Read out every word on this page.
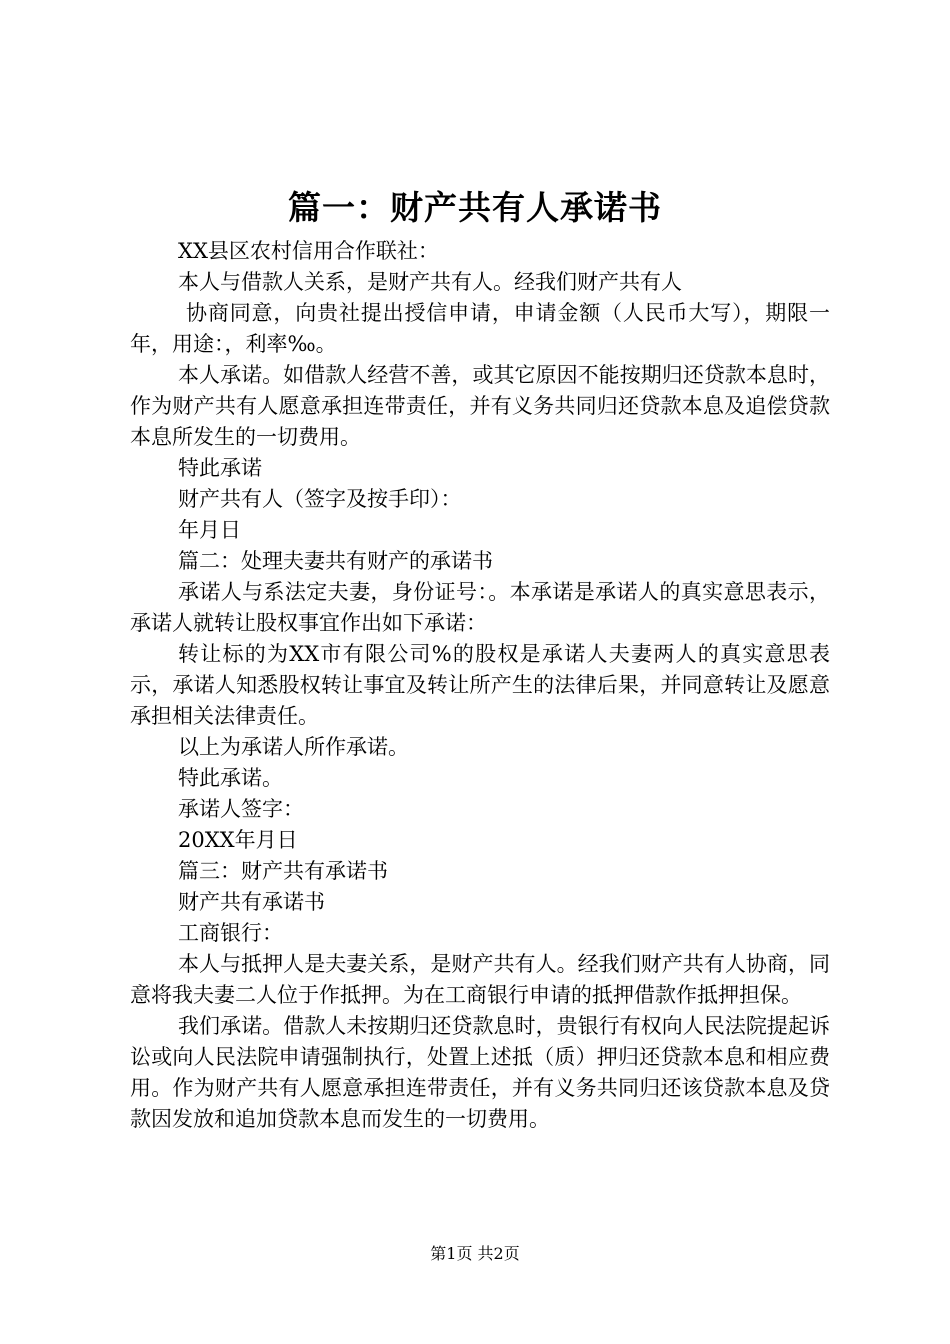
篇一：财产共有人承诺书

XX县区农村信用合作联社：

本人与借款人关系，是财产共有人。经我们财产共有人

协商同意，向贵社提出授信申请，申请金额（人民币大写），期限一年，用途：，利率‰。

本人承诺。如借款人经营不善，或其它原因不能按期归还贷款本息时，作为财产共有人愿意承担连带责任，并有义务共同归还贷款本息及追偿贷款本息所发生的一切费用。

特此承诺

财产共有人（签字及按手印）：

年月日

篇二：处理夫妻共有财产的承诺书

承诺人与系法定夫妻，身份证号：。本承诺是承诺人的真实意思表示，承诺人就转让股权事宜作出如下承诺：

转让标的为XX市有限公司%的股权是承诺人夫妻两人的真实意思表示，承诺人知悉股权转让事宜及转让所产生的法律后果，并同意转让及愿意承担相关法律责任。

以上为承诺人所作承诺。

特此承诺。

承诺人签字：

20XX年月日

篇三：财产共有承诺书

财产共有承诺书

工商银行：

本人与抵押人是夫妻关系，是财产共有人。经我们财产共有人协商，同意将我夫妻二人位于作抵押。为在工商银行申请的抵押借款作抵押担保。

我们承诺。借款人未按期归还贷款息时，贵银行有权向人民法院提起诉讼或向人民法院申请强制执行，处置上述抵（质）押归还贷款本息和相应费用。作为财产共有人愿意承担连带责任，并有义务共同归还该贷款本息及贷款因发放和追加贷款本息而发生的一切费用。

第1页 共2页
